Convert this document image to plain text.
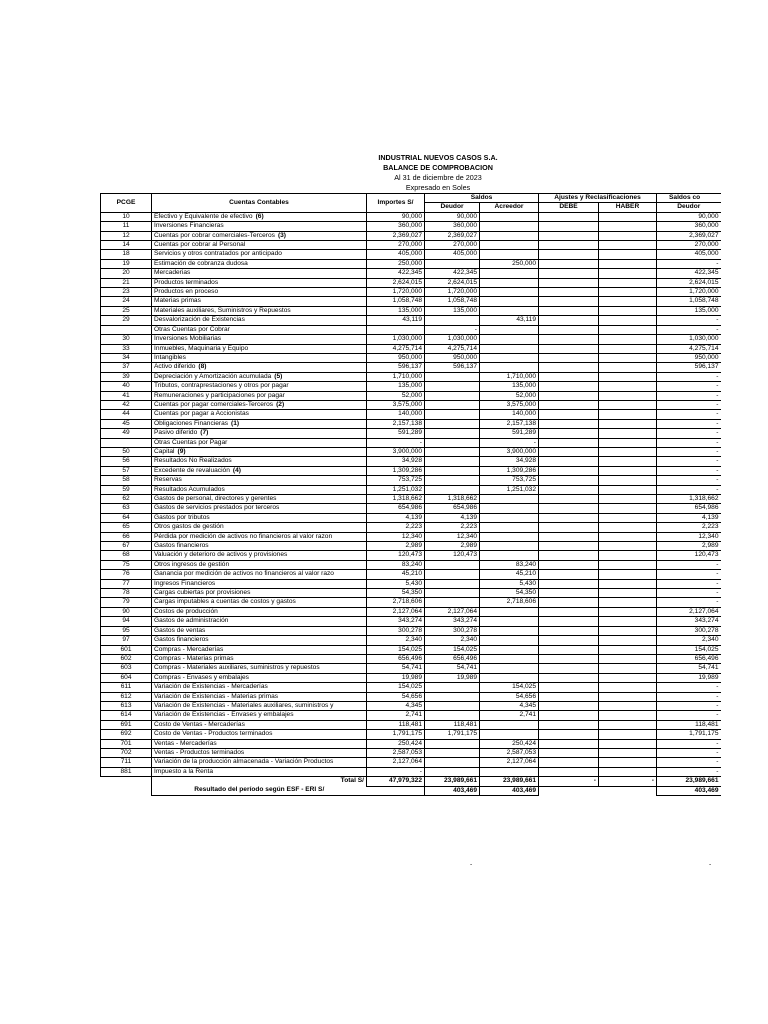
INDUSTRIAL NUEVOS CASOS S.A.
BALANCE DE COMPROBACION
Al 31 de diciembre de 2023
Expresado en Soles
PCGE	Cuentas Contables	Importes S/	Saldos		Ajustes y Reclasificaciones		Saldos co
			Deudor	Acreedor	DEBE	HABER	Deudor
10	Efectivo y Equivalente de efectivo (6)	90,000	90,000				90,000
11	Inversiones Financieras	360,000	360,000				360,000
12	Cuentas por cobrar comerciales-Terceros (3)	2,369,027	2,369,027				2,369,027
14	Cuentas por cobrar al Personal	270,000	270,000				270,000
18	Servicios y otros contratados por anticipado	405,000	405,000				405,000
19	Estimación de cobranza dudosa	250,000		250,000			-
20	Mercaderias	422,345	422,345				422,345
21	Productos terminados	2,624,015	2,624,015				2,624,015
23	Productos en proceso	1,720,000	1,720,000				1,720,000
24	Materias primas	1,058,748	1,058,748				1,058,748
25	Materiales auxiliares, Suministros y Repuestos	135,000	135,000				135,000
29	Desvalorización de Existencias	43,119		43,119			-
	Otras Cuentas por Cobrar		-				-
30	Inversiones Mobiliarias	1,030,000	1,030,000				1,030,000
33	Inmuebles, Maquinaria y Equipo	4,275,714	4,275,714				4,275,714
34	Intangibles	950,000	950,000				950,000
37	Activo diferido (8)	596,137	596,137				596,137
39	Depreciación y Amortización acumulada (5)	1,710,000		1,710,000			-
40	Tributos, contraprestaciones y otros por pagar	135,000		135,000			-
41	Remuneraciones y participaciones por pagar	52,000		52,000			-
42	Cuentas por pagar comerciales-Terceros (2)	3,575,000		3,575,000			-
44	Cuentas por pagar a Accionistas	140,000		140,000			-
45	Obligaciones Financieras (1)	2,157,138		2,157,138			-
49	Pasivo diferido (7)	591,289		591,289			-
	Otras Cuentas por Pagar	-		-			-
50	Capital (9)	3,900,000		3,900,000			-
56	Resultados No Realizados	34,928		34,928			-
57	Excedente de revaluación (4)	1,309,286		1,309,286			-
58	Reservas	753,725		753,725			-
59	Resultados Acumulados	1,251,032		1,251,032			-
62	Gastos de personal, directores y gerentes	1,318,662	1,318,662				1,318,662
63	Gastos de servicios prestados por terceros	654,986	654,986				654,986
64	Gastos por tributos	4,139	4,139				4,139
65	Otros gastos de gestión	2,223	2,223				2,223
66	Pérdida por medición de activos no financieros al valor razon	12,340	12,340				12,340
67	Gastos financieros	2,989	2,989				2,989
68	Valuación y deterioro de activos y provisiones	120,473	120,473				120,473
75	Otros ingresos de gestión	83,240		83,240			-
76	Ganancia por medición de activos no financieros al valor razo	45,210		45,210			-
77	Ingresos Financieros	5,430		5,430			-
78	Cargas cubiertas por provisiones	54,350		54,350			-
79	Cargas imputables a cuentas de costos y gastos	2,718,606		2,718,606			-
90	Costos de producción	2,127,064	2,127,064				2,127,064
94	Gastos de administración	343,274	343,274				343,274
95	Gastos de ventas	300,278	300,278				300,278
97	Gastos financieros	2,340	2,340				2,340
601	Compras - Mercaderías	154,025	154,025				154,025
602	Compras - Materias primas	656,496	656,496				656,496
603	Compras - Materiales auxiliares, suministros y repuestos	54,741	54,741				54,741
604	Compras - Envases y embalajes	19,989	19,989				19,989
611	Variación de Existencias - Mercaderías	154,025		154,025			-
612	Variación de Existencias - Materias primas	54,656		54,656			-
613	Variación de Existencias - Materiales auxiliares, suministros y	4,345		4,345			-
614	Variación de Existencias - Envases y embalajes	2,741		2,741			-
691	Costo de Ventas - Mercaderías	118,481	118,481				118,481
692	Costo de Ventas - Productos terminados	1,791,175	1,791,175				1,791,175
701	Ventas - Mercaderías	250,424		250,424			-
702	Ventas - Productos terminados	2,587,053		2,587,053			-
711	Variación de la producción almacenada - Variación Productos	2,127,064		2,127,064			-
881	Impuesto a la Renta	-					-
	Total S/	47,979,322	23,989,661	23,989,661	-	-	23,989,661
	Resultado del período según ESF - ERI S/		403,469	403,469			403,469
-	-
